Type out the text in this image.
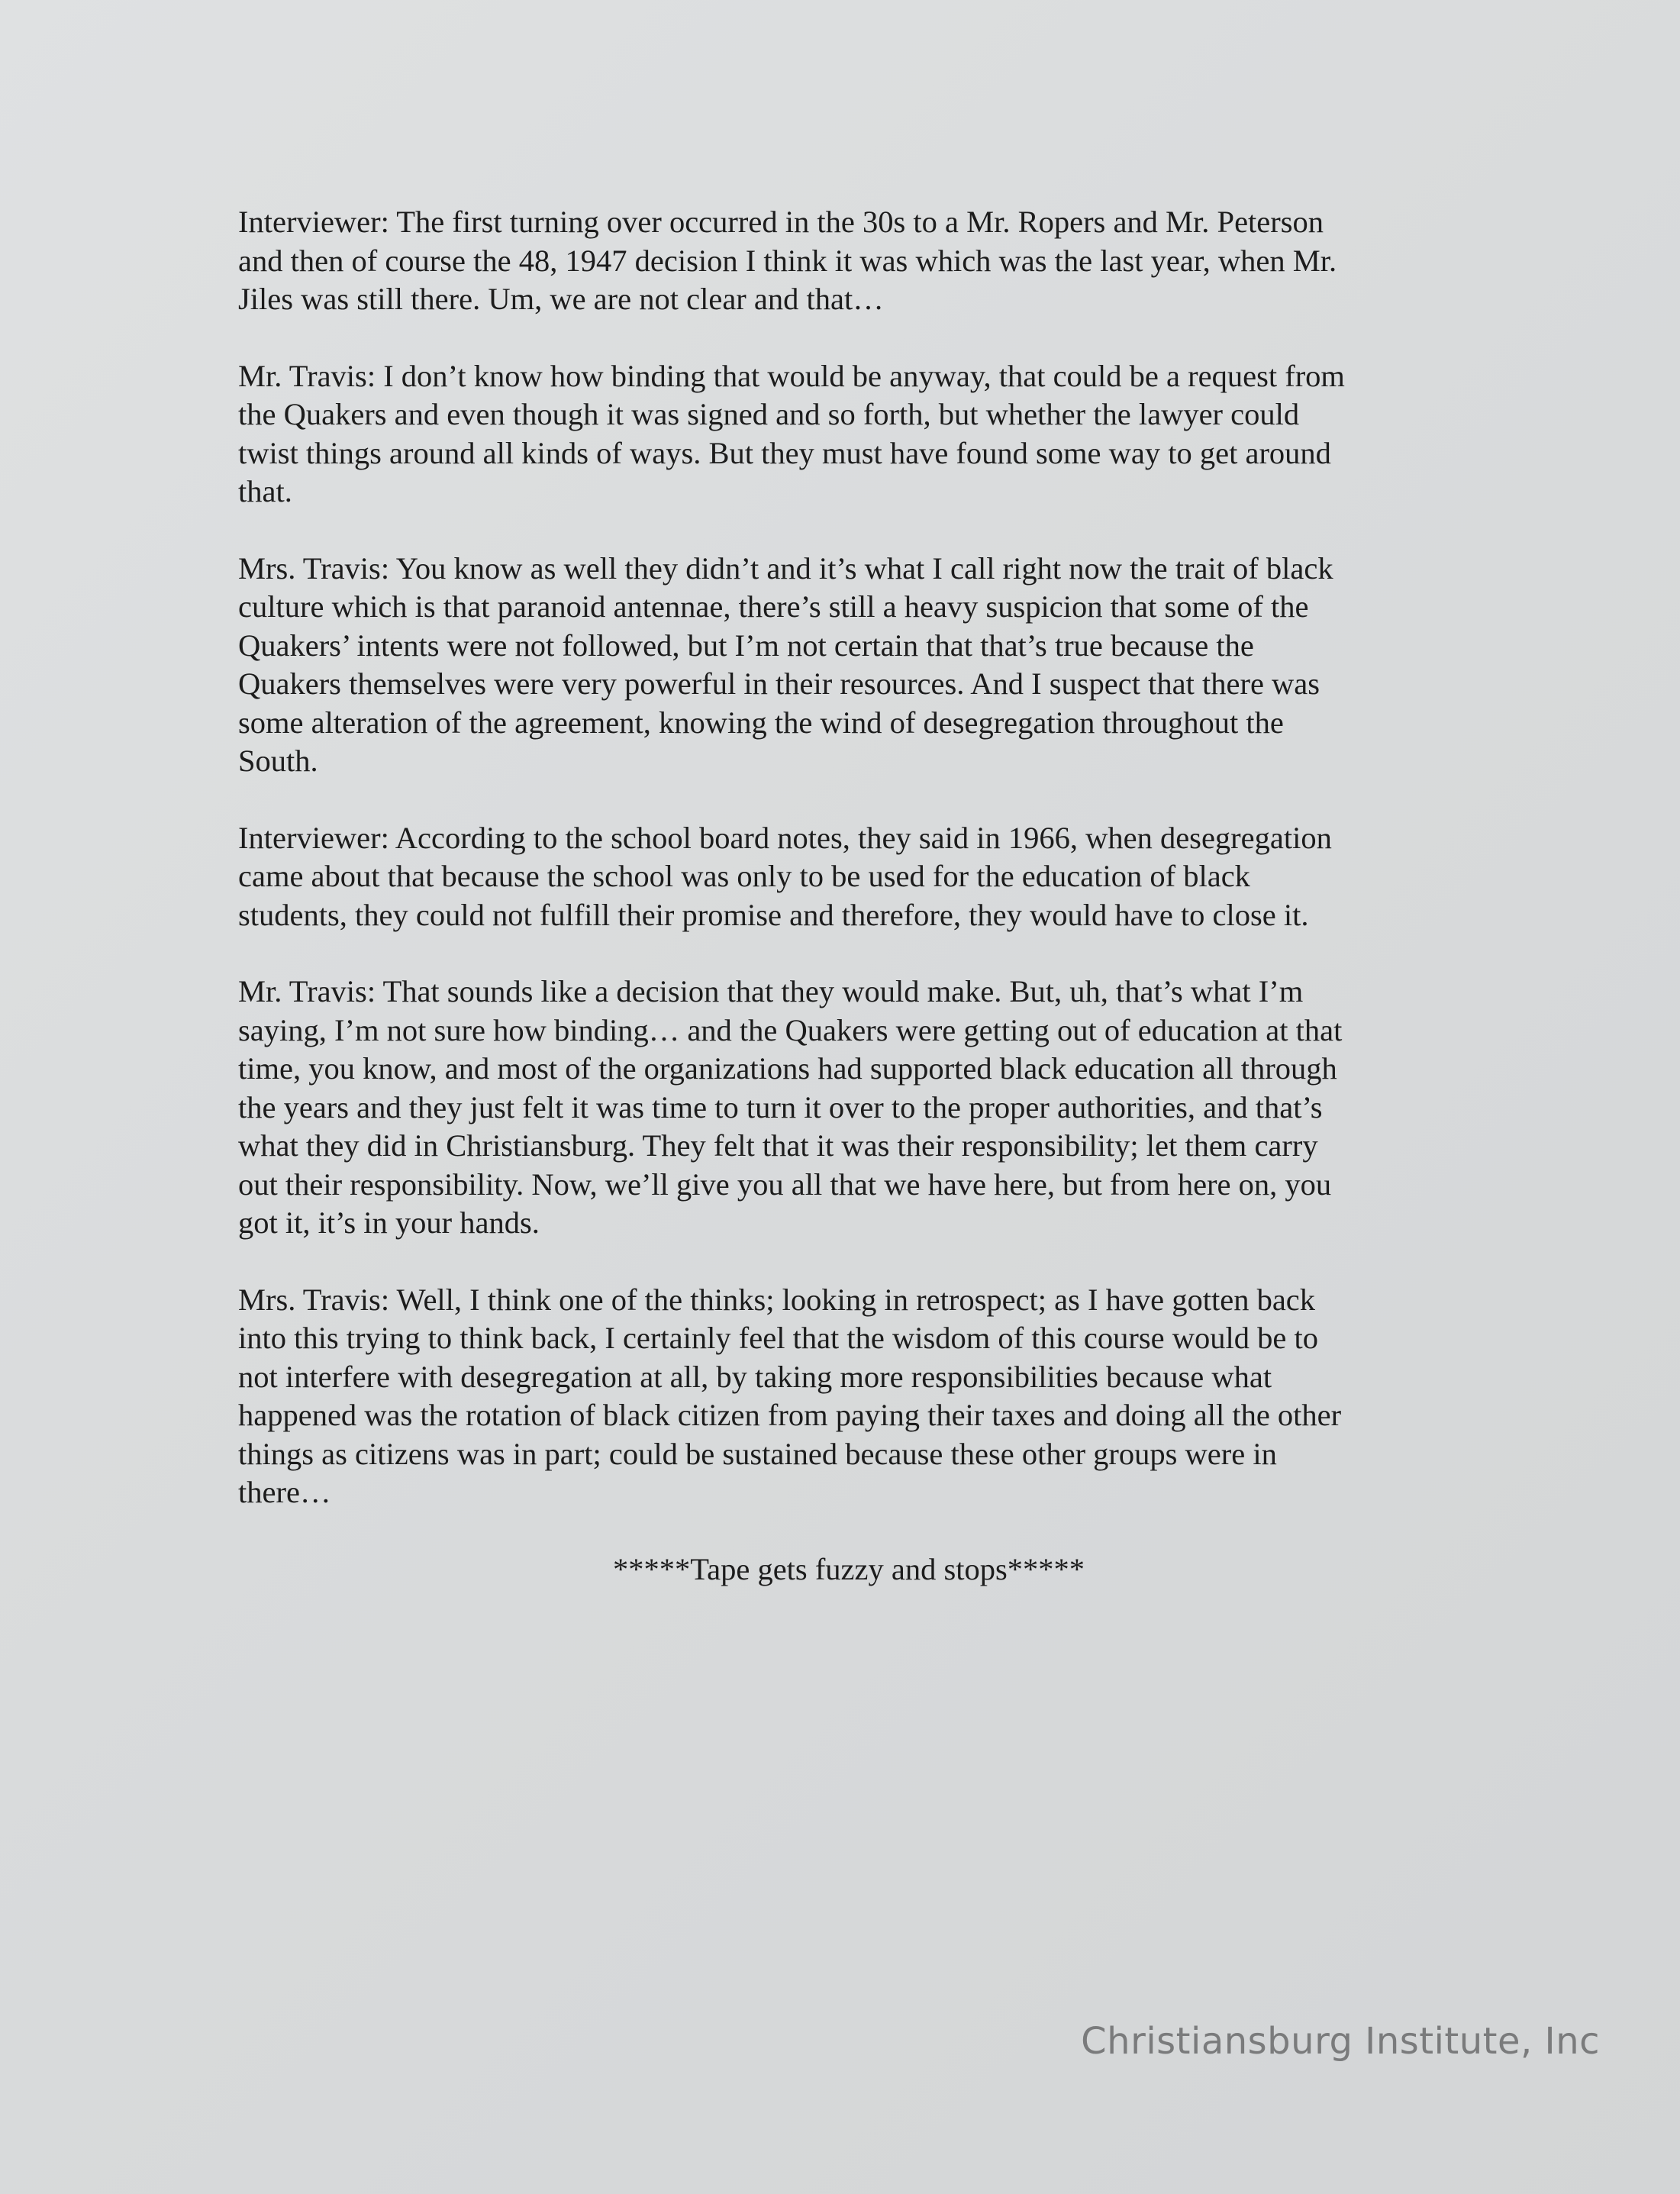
Interviewer: The first turning over occurred in the 30s to a Mr. Ropers and Mr. Peterson
and then of course the 48, 1947 decision I think it was which was the last year, when Mr.
Jiles was still there. Um, we are not clear and that…

Mr. Travis: I don’t know how binding that would be anyway, that could be a request from
the Quakers and even though it was signed and so forth, but whether the lawyer could
twist things around all kinds of ways. But they must have found some way to get around
that.

Mrs. Travis: You know as well they didn’t and it’s what I call right now the trait of black
culture which is that paranoid antennae, there’s still a heavy suspicion that some of the
Quakers’ intents were not followed, but I’m not certain that that’s true because the
Quakers themselves were very powerful in their resources. And I suspect that there was
some alteration of the agreement, knowing the wind of desegregation throughout the
South.

Interviewer: According to the school board notes, they said in 1966, when desegregation
came about that because the school was only to be used for the education of black
students, they could not fulfill their promise and therefore, they would have to close it.

Mr. Travis: That sounds like a decision that they would make. But, uh, that’s what I’m
saying, I’m not sure how binding… and the Quakers were getting out of education at that
time, you know, and most of the organizations had supported black education all through
the years and they just felt it was time to turn it over to the proper authorities, and that’s
what they did in Christiansburg. They felt that it was their responsibility; let them carry
out their responsibility. Now, we’ll give you all that we have here, but from here on, you
got it, it’s in your hands.

Mrs. Travis: Well, I think one of the thinks; looking in retrospect; as I have gotten back
into this trying to think back, I certainly feel that the wisdom of this course would be to
not interfere with desegregation at all, by taking more responsibilities because what
happened was the rotation of black citizen from paying their taxes and doing all the other
things as citizens was in part; could be sustained because these other groups were in
there…

*****Tape gets fuzzy and stops*****

Christiansburg Institute, Inc
